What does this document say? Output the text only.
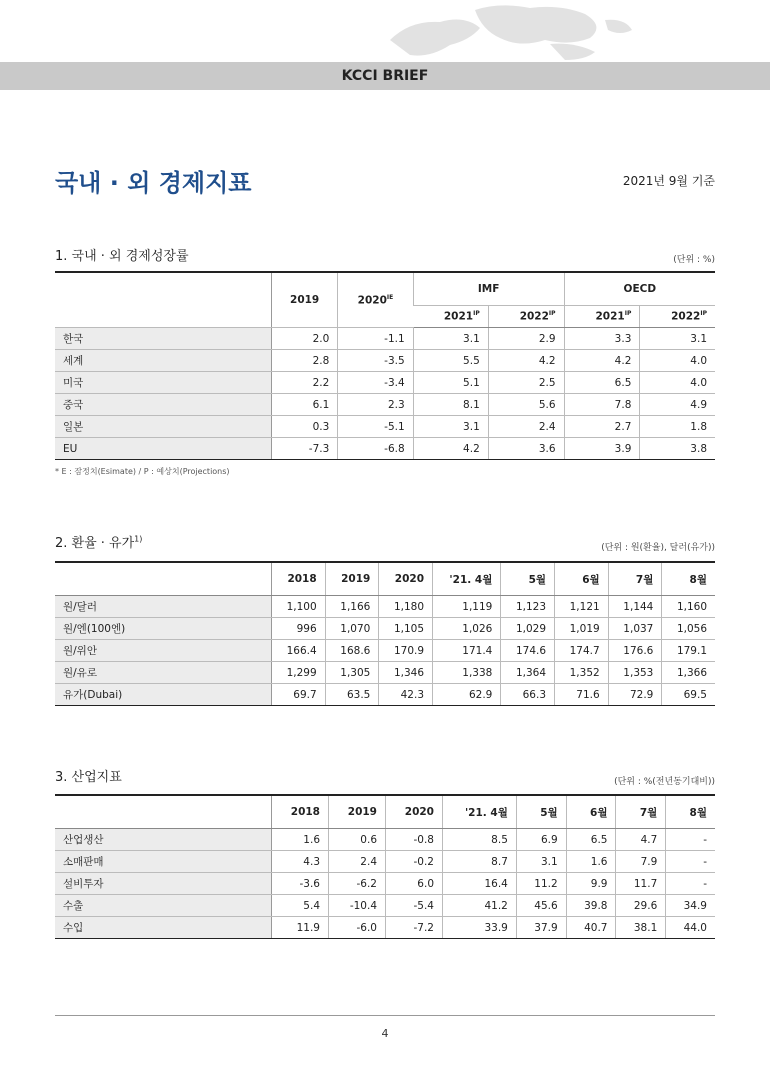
KCCI BRIEF
국내 · 외 경제지표	2021년 9월 기준
1. 국내 · 외 경제성장률	(단위 : %)
	2019	$2020^{IE}$	IMF		OECD	
			$2021^{IP}$	$2022^{IP}$	$2021^{IP}$	$2022^{IP}$
한국	2.0	-1.1	3.1	2.9	3.3	3.1
세계	2.8	-3.5	5.5	4.2	4.2	4.0
미국	2.2	-3.4	5.1	2.5	6.5	4.0
중국	6.1	2.3	8.1	5.6	7.8	4.9
일본	0.3	-5.1	3.1	2.4	2.7	1.8
EU	-7.3	-6.8	4.2	3.6	3.9	3.8
* E : 잠정치(Esimate) / P : 예상치(Projections)
2. 환율 · 유가$^{1)}$
(단위 : 원(환율), 달러(유가))
	2018	2019	2020	'21. 4월	5월	6월	7월	8월
원/달러	1,100	1,166	1,180	1,119	1,123	1,121	1,144	1,160
원/엔(100엔)	996	1,070	1,105	1,026	1,029	1,019	1,037	1,056
원/위안	166.4	168.6	170.9	171.4	174.6	174.7	176.6	179.1
원/유로	1,299	1,305	1,346	1,338	1,364	1,352	1,353	1,366
유가(Dubai)	69.7	63.5	42.3	62.9	66.3	71.6	72.9	69.5
3. 산업지표	(단위 : %(전년동기대비))
	2018	2019	2020	'21. 4월	5월	6월	7월	8월
산업생산	1.6	0.6	-0.8	8.5	6.9	6.5	4.7	-
소매판매	4.3	2.4	-0.2	8.7	3.1	1.6	7.9	-
설비투자	-3.6	-6.2	6.0	16.4	11.2	9.9	11.7	-
수출	5.4	-10.4	-5.4	41.2	45.6	39.8	29.6	34.9
수입	11.9	-6.0	-7.2	33.9	37.9	40.7	38.1	44.0
4
